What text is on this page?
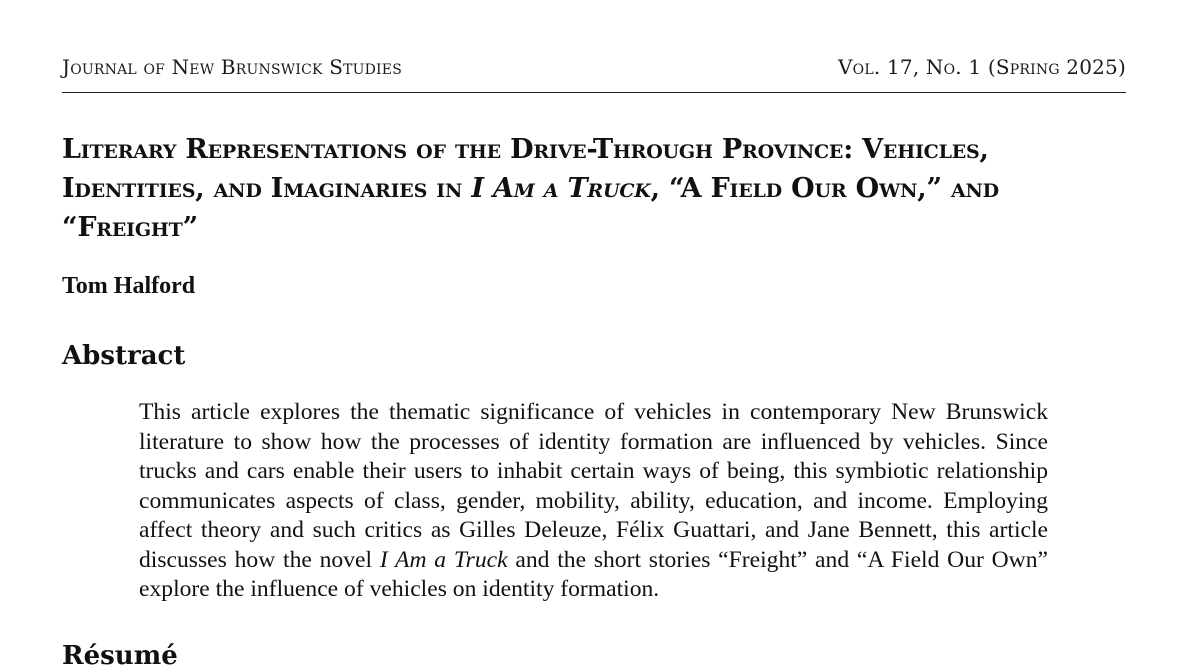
Journal of New Brunswick Studies	Vol. 17, No. 1 (Spring 2025)
Literary Representations of the Drive-Through Province: Vehicles, Identities, and Imaginaries in I Am a Truck, “A Field Our Own,” and “Freight”
Tom Halford
Abstract

This article explores the thematic significance of vehicles in contemporary New Brunswick literature to show how the processes of identity formation are influenced by vehicles. Since trucks and cars enable their users to inhabit certain ways of being, this symbiotic relationship communicates aspects of class, gender, mobility, ability, education, and income. Employing affect theory and such critics as Gilles Deleuze, Félix Guattari, and Jane Bennett, this article discusses how the novel I Am a Truck and the short stories “Freight” and “A Field Our Own” explore the influence of vehicles on identity formation.

Résumé
